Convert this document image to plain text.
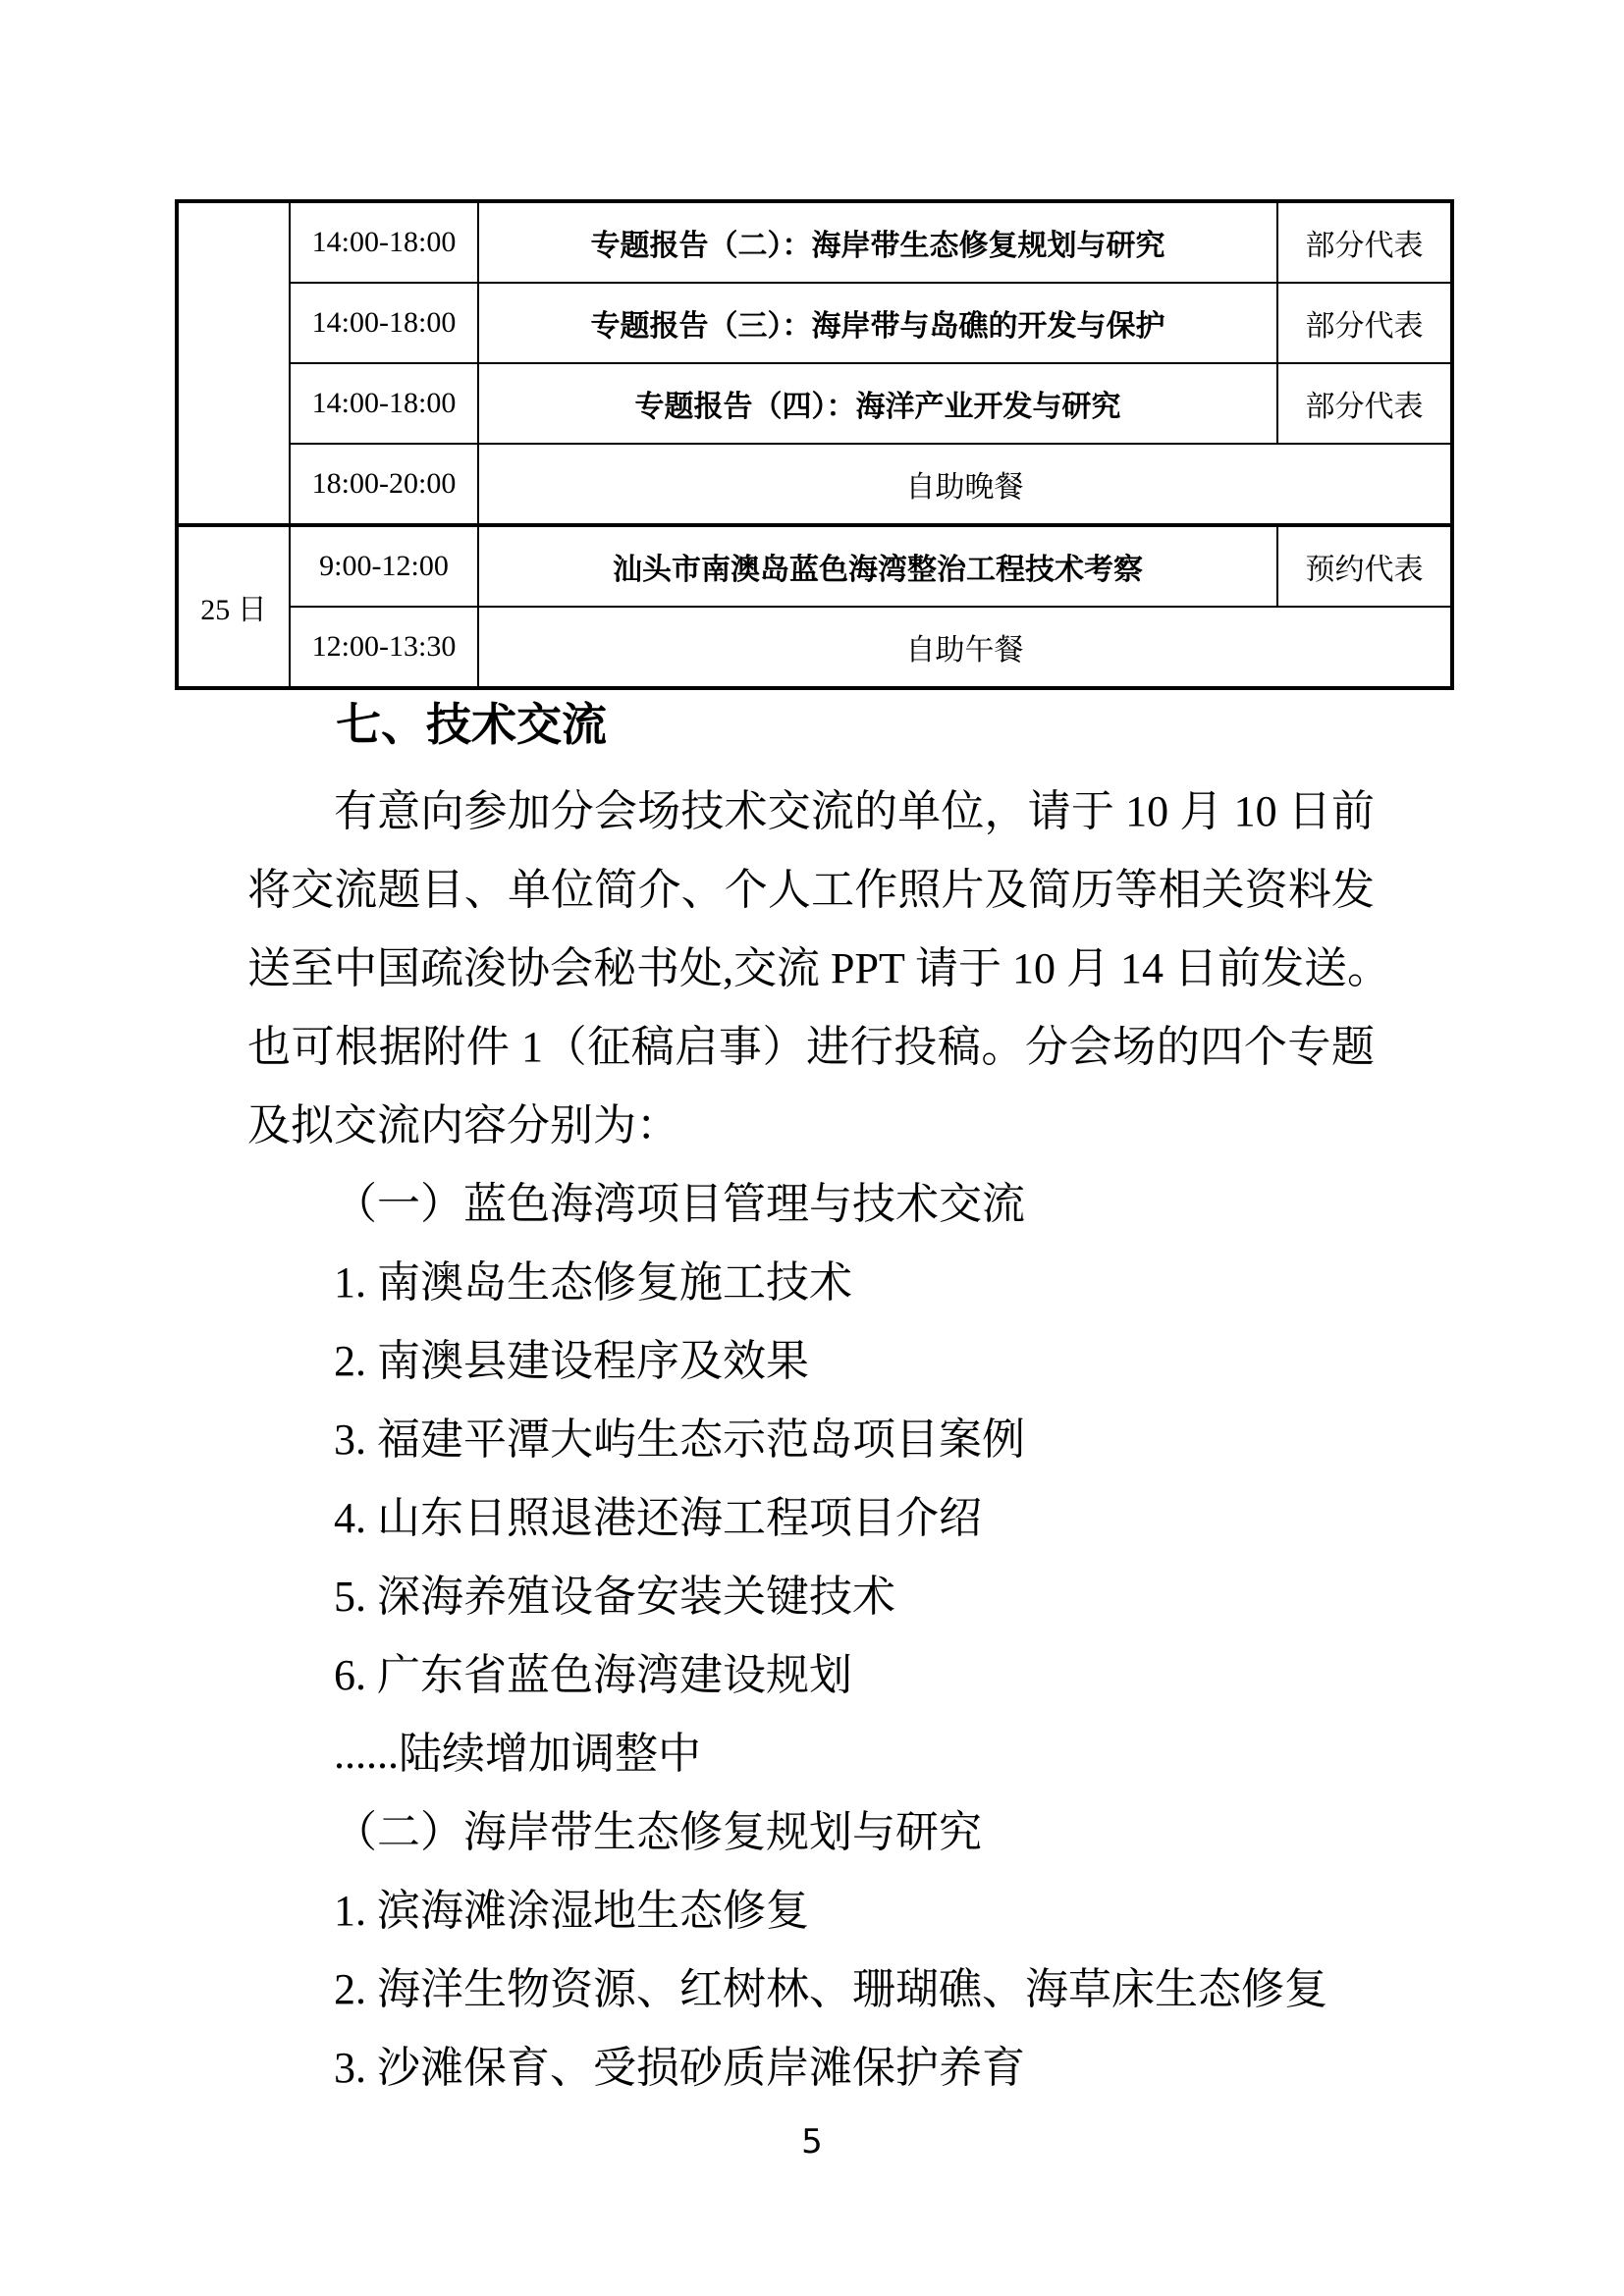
	14:00-18:00	专题报告（二）：海岸带生态修复规划与研究	部分代表
	14:00-18:00	专题报告（三）：海岸带与岛礁的开发与保护	部分代表
	14:00-18:00	专题报告（四）：海洋产业开发与研究	部分代表
	18:00-20:00	自助晚餐	
25 日	9:00-12:00	汕头市南澳岛蓝色海湾整治工程技术考察	预约代表
	12:00-13:30	自助午餐	
七、技术交流
有意向参加分会场技术交流的单位，请于 10 月 10 日前
将交流题目、单位简介、个人工作照片及简历等相关资料发
送至中国疏浚协会秘书处,交流 PPT 请于 10 月 14 日前发送。
也可根据附件 1（征稿启事）进行投稿。分会场的四个专题
及拟交流内容分别为：
（一）蓝色海湾项目管理与技术交流
1. 南澳岛生态修复施工技术
2. 南澳县建设程序及效果
3. 福建平潭大屿生态示范岛项目案例
4. 山东日照退港还海工程项目介绍
5. 深海养殖设备安装关键技术
6. 广东省蓝色海湾建设规划
......陆续增加调整中
（二）海岸带生态修复规划与研究
1. 滨海滩涂湿地生态修复
2. 海洋生物资源、红树林、珊瑚礁、海草床生态修复
3. 沙滩保育、受损砂质岸滩保护养育
5
